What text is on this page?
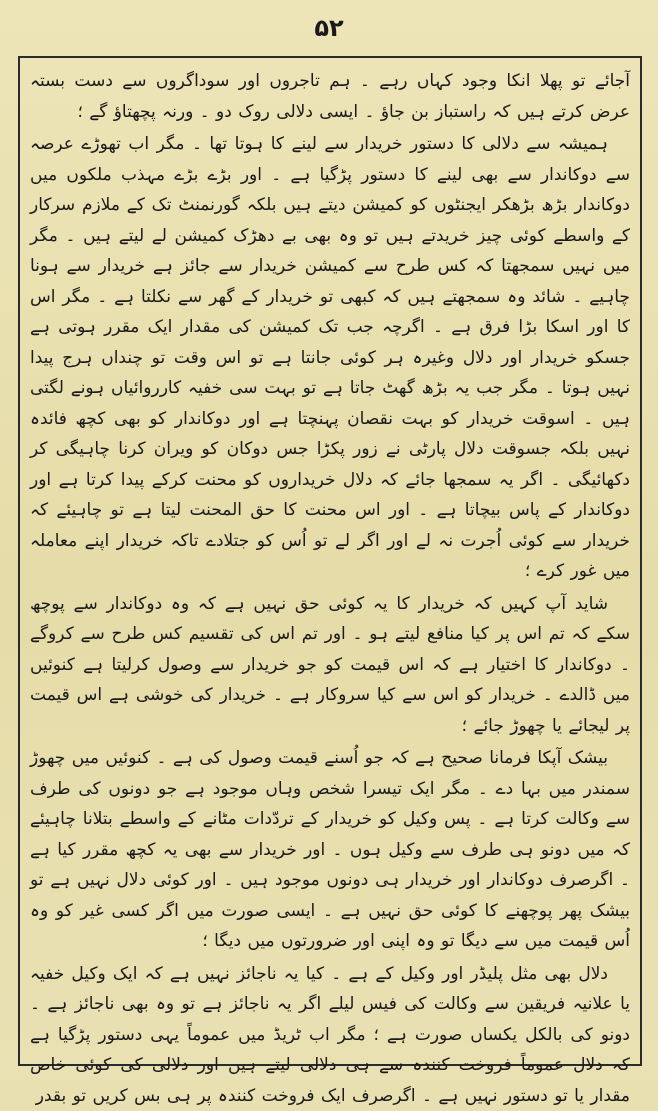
۵۲

آجائے تو پھلا انکا وجود کہاں رہے ۔ ہم تاجروں اور سوداگروں سے دست بستہ عرض کرتے ہیں کہ راستباز بن جاؤ ۔ ایسی دلالی روک دو ۔ ورنہ پچھتاؤ گے ؛

ہمیشہ سے دلالی کا دستور خریدار سے لینے کا ہوتا تھا ۔ مگر اب تھوڑے عرصہ سے دوکاندار سے بھی لینے کا دستور پڑگیا ہے ۔ اور بڑے بڑے مہذب ملکوں میں دوکاندار بڑھ بڑھکر ایجنٹوں کو کمیشن دیتے ہیں بلکہ گورنمنٹ تک کے ملازم سرکار کے واسطے کوئی چیز خریدتے ہیں تو وہ بھی بے دھڑک کمیشن لے لیتے ہیں ۔ مگر میں نہیں سمجھتا کہ کس طرح سے کمیشن خریدار سے جائز ہے خریدار سے ہونا چاہیے ۔ شائد وہ سمجھتے ہیں کہ کبھی تو خریدار کے گھر سے نکلتا ہے ۔ مگر اس کا اور اسکا بڑا فرق ہے ۔ اگرچہ جب تک کمیشن کی مقدار ایک مقرر ہوتی ہے جسکو خریدار اور دلال وغیرہ ہر کوئی جانتا ہے تو اس وقت تو چنداں ہرج پیدا نہیں ہوتا ۔ مگر جب یہ بڑھ گھٹ جاتا ہے تو بہت سی خفیہ کارروائیاں ہونے لگتی ہیں ۔ اسوقت خریدار کو بہت نقصان پہنچتا ہے اور دوکاندار کو بھی کچھ فائدہ نہیں بلکہ جسوقت دلال پارٹی نے زور پکڑا جس دوکان کو ویران کرنا چاہیگی کر دکھائیگی ۔ اگر یہ سمجھا جائے کہ دلال خریداروں کو محنت کرکے پیدا کرتا ہے اور دوکاندار کے پاس بیچاتا ہے ۔ اور اس محنت کا حق المحنت لیتا ہے تو چاہیئے کہ خریدار سے کوئی اُجرت نہ لے اور اگر لے تو اُس کو جتلادے تاکہ خریدار اپنے معاملہ میں غور کرے ؛

شاید آپ کہیں کہ خریدار کا یہ کوئی حق نہیں ہے کہ وہ دوکاندار سے پوچھ سکے کہ تم اس پر کیا منافع لیتے ہو ۔ اور تم اس کی تقسیم کس طرح سے کروگے ۔ دوکاندار کا اختیار ہے کہ اس قیمت کو جو خریدار سے وصول کرلیتا ہے کنوئیں میں ڈالدے ۔ خریدار کو اس سے کیا سروکار ہے ۔ خریدار کی خوشی ہے اس قیمت پر لیجائے یا چھوڑ جائے ؛

بیشک آپکا فرمانا صحیح ہے کہ جو اُسنے قیمت وصول کی ہے ۔ کنوئیں میں چھوڑ سمندر میں بہا دے ۔ مگر ایک تیسرا شخص وہاں موجود ہے جو دونوں کی طرف سے وکالت کرتا ہے ۔ پس وکیل کو خریدار کے تردّدات مٹانے کے واسطے بتلانا چاہیئے کہ میں دونو ہی طرف سے وکیل ہوں ۔ اور خریدار سے بھی یہ کچھ مقرر کیا ہے ۔ اگرصرف دوکاندار اور خریدار ہی دونوں موجود ہیں ۔ اور کوئی دلال نہیں ہے تو بیشک پھر پوچھنے کا کوئی حق نہیں ہے ۔ ایسی صورت میں اگر کسی غیر کو وہ اُس قیمت میں سے دیگا تو وہ اپنی اور ضرورتوں میں دیگا ؛

دلال بھی مثل پلیڈر اور وکیل کے ہے ۔ کیا یہ ناجائز نہیں ہے کہ ایک وکیل خفیہ یا علانیہ فریقین سے وکالت کی فیس لیلے اگر یہ ناجائز ہے تو وہ بھی ناجائز ہے ۔ دونو کی بالکل یکساں صورت ہے ؛ مگر اب ٹریڈ میں عموماً یہی دستور پڑگیا ہے کہ دلال عموماً فروخت کنندہ سے ہی دلالی لیتے ہیں اور دلالی کی کوئی خاص مقدار یا تو دستور نہیں ہے ۔ اگرصرف ایک فروخت کنندہ پر ہی بس کریں تو بقدر
